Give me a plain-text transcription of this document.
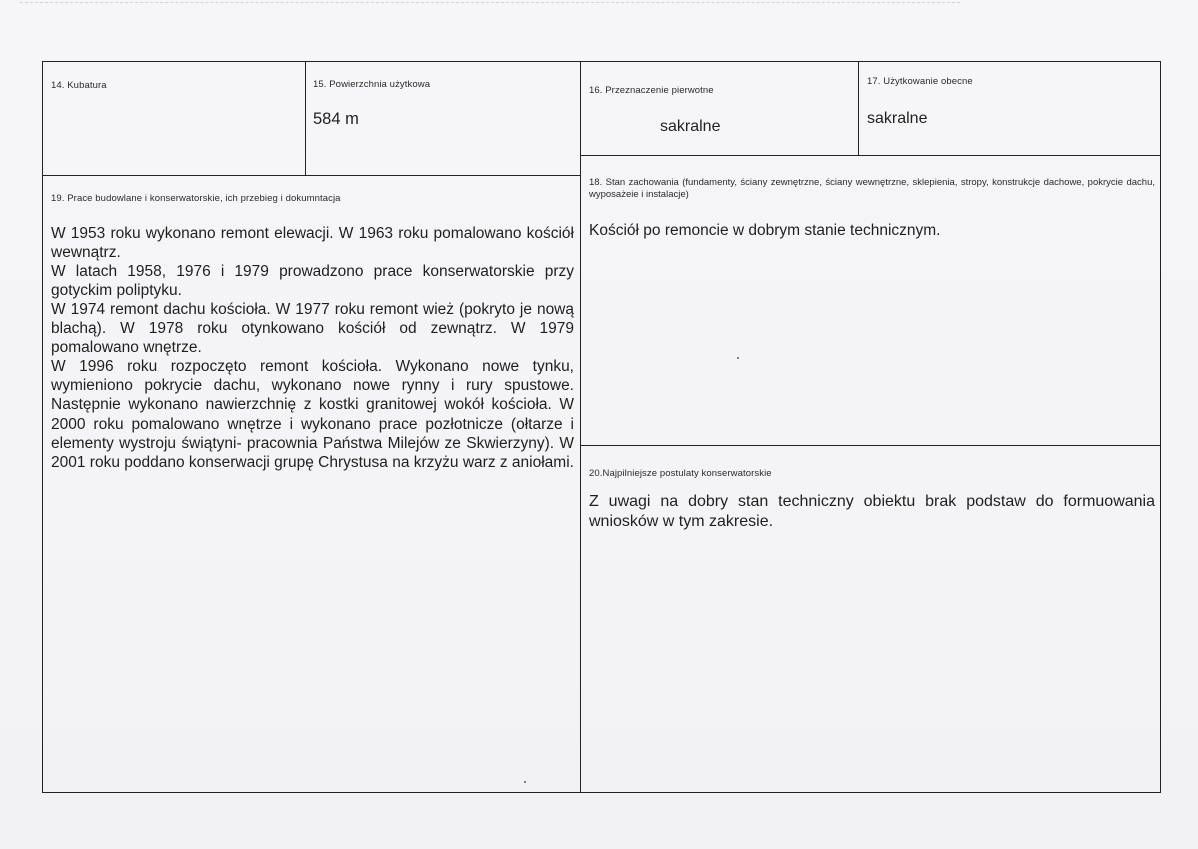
14. Kubatura	15. Powierzchnia użytkowa
584 m
16. Przeznaczenie pierwotne
sakralne
17. Użytkowanie obecne
sakralne
19. Prace budowlane i konserwatorskie, ich przebieg i dokumntacja
W 1953 roku wykonano remont elewacji. W 1963 roku pomalowano kościół wewnątrz.
W latach 1958, 1976 i 1979 prowadzono prace konserwatorskie przy gotyckim poliptyku.
W 1974 remont dachu kościoła. W 1977 roku remont wież (pokryto je nową blachą). W 1978 roku otynkowano kościół od zewnątrz. W 1979 pomalowano wnętrze.
W 1996 roku rozpoczęto remont kościoła. Wykonano nowe tynku, wymieniono pokrycie dachu, wykonano nowe rynny i rury spustowe. Następnie wykonano nawierzchnię z kostki granitowej wokół kościoła. W 2000 roku pomalowano wnętrze i wykonano prace pozłotnicze (ołtarze i elementy wystroju świątyni- pracownia Państwa Milejów ze Skwierzyny). W 2001 roku poddano konserwacji grupę Chrystusa na krzyżu warz z aniołami.
18. Stan zachowania (fundamenty, ściany zewnętrzne, ściany wewnętrzne, sklepienia, stropy, konstrukcje dachowe, pokrycie dachu, wyposażeie i instalacje)
Kościół po remoncie w dobrym stanie technicznym.
20.Najpilniejsze postulaty konserwatorskie
Z uwagi na dobry stan techniczny obiektu brak podstaw do formuowania wniosków w tym zakresie.
